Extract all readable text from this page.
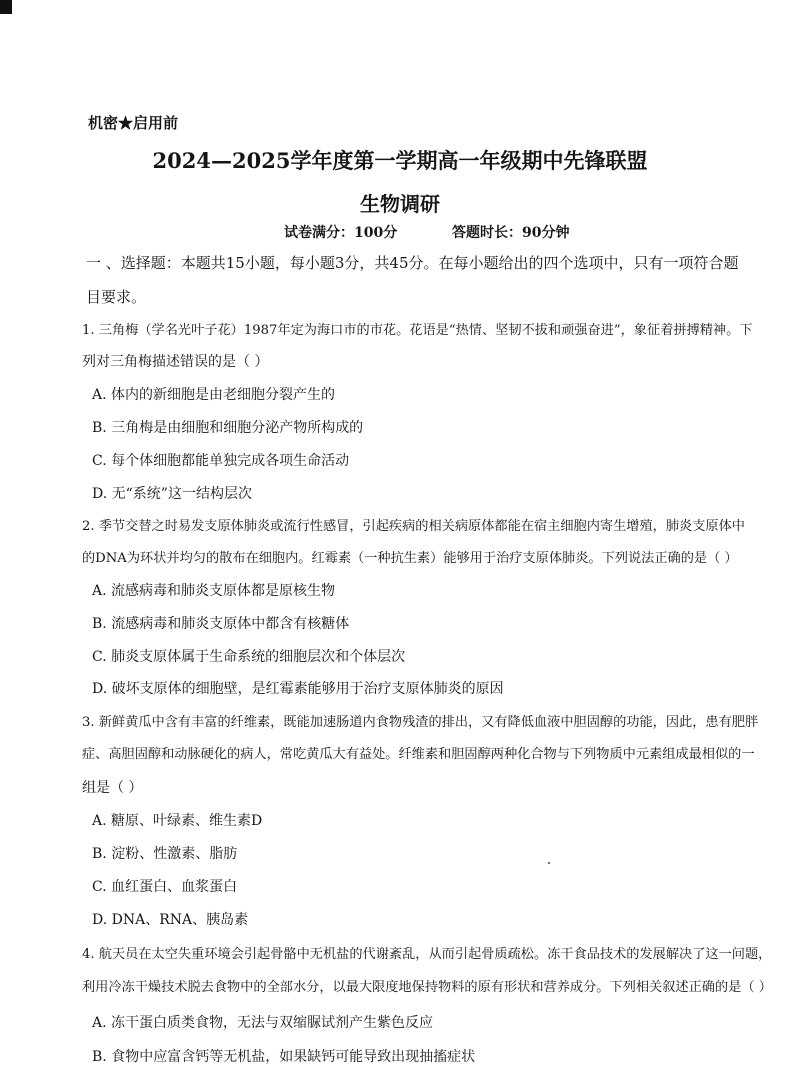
机密★启用前
2024—2025学年度第一学期高一年级期中先锋联盟
生物调研
试卷满分：100分	答题时长：90分钟
一 、选择题：本题共15小题，每小题3分，共45分。在每小题给出的四个选项中，只有一项符合题
目要求。
1. 三角梅（学名光叶子花）1987年定为海口市的市花。花语是“热情、坚韧不拔和顽强奋进”，象征着拼搏精神。下
列对三角梅描述错误的是（ ）
A. 体内的新细胞是由老细胞分裂产生的
B. 三角梅是由细胞和细胞分泌产物所构成的
C. 每个体细胞都能单独完成各项生命活动
D. 无“系统”这一结构层次
2. 季节交替之时易发支原体肺炎或流行性感冒，引起疾病的相关病原体都能在宿主细胞内寄生增殖，肺炎支原体中
的DNA为环状并均匀的散布在细胞内。红霉素（一种抗生素）能够用于治疗支原体肺炎。下列说法正确的是（ ）
A. 流感病毒和肺炎支原体都是原核生物
B. 流感病毒和肺炎支原体中都含有核糖体
C. 肺炎支原体属于生命系统的细胞层次和个体层次
D. 破坏支原体的细胞壁，是红霉素能够用于治疗支原体肺炎的原因
3. 新鲜黄瓜中含有丰富的纤维素，既能加速肠道内食物残渣的排出，又有降低血液中胆固醇的功能，因此，患有肥胖
症、高胆固醇和动脉硬化的病人，常吃黄瓜大有益处。纤维素和胆固醇两种化合物与下列物质中元素组成最相似的一
组是（ ）
A. 糖原、叶绿素、维生素D
B. 淀粉、性激素、脂肪
C. 血红蛋白、血浆蛋白
D. DNA、RNA、胰岛素
4. 航天员在太空失重环境会引起骨骼中无机盐的代谢紊乱，从而引起骨质疏松。冻干食品技术的发展解决了这一问题，
利用冷冻干燥技术脱去食物中的全部水分，以最大限度地保持物料的原有形状和营养成分。下列相关叙述正确的是（ ）
A. 冻干蛋白质类食物，无法与双缩脲试剂产生紫色反应
B. 食物中应富含钙等无机盐，如果缺钙可能导致出现抽搐症状
